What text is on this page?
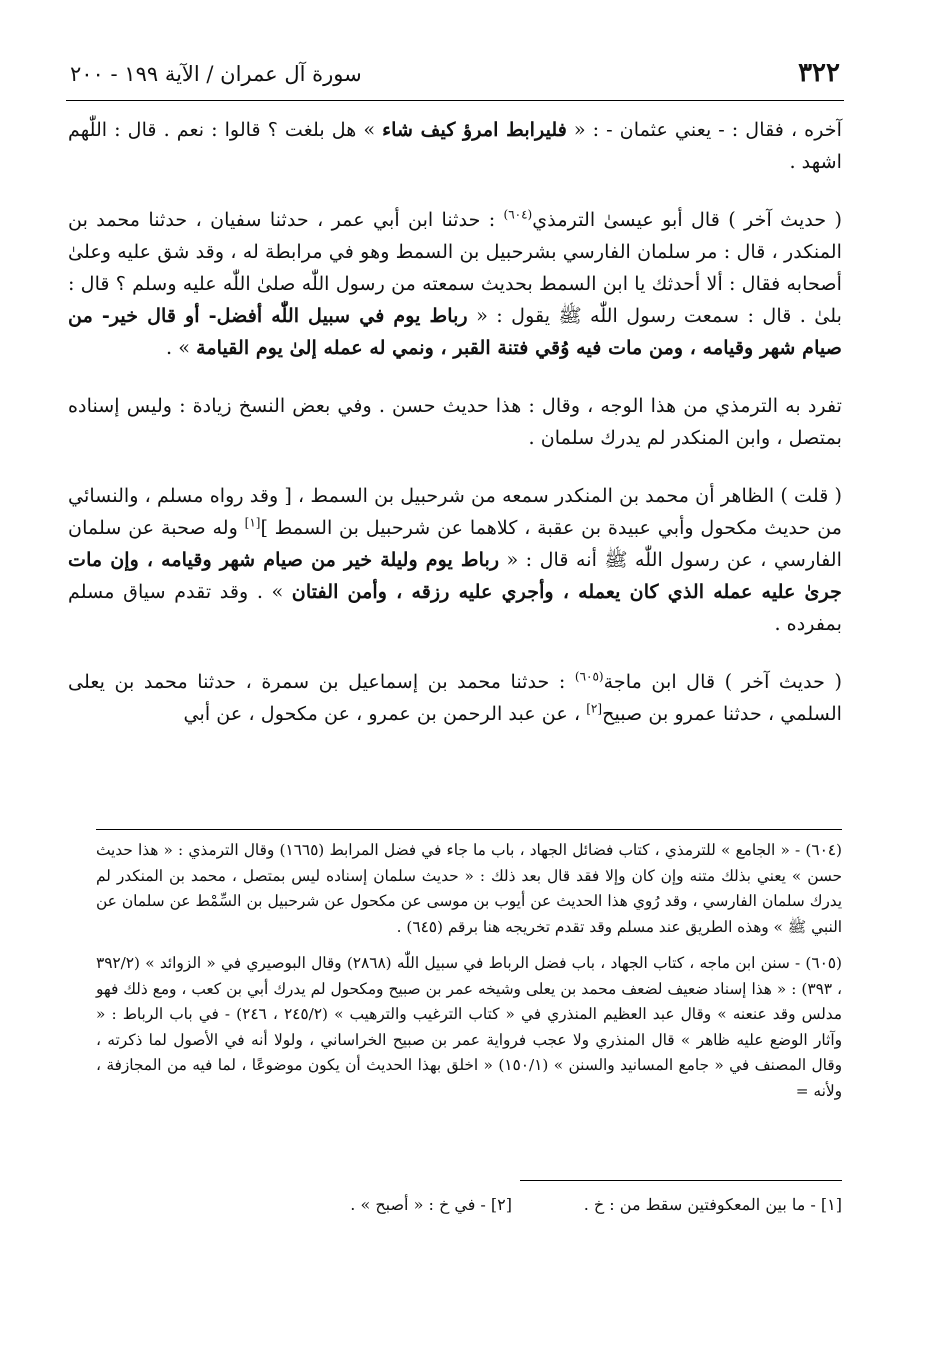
٣٢٢
سورة آل عمران / الآية ١٩٩ - ٢٠٠

آخره ، فقال : - يعني عثمان - : « فليرابط امرؤ كيف شاء » هل بلغت ؟ قالوا : نعم . قال : اللّٰهم اشهد .

( حديث آخر ) قال أبو عيسىٰ الترمذي$^{(٦٠٤)}$ : حدثنا ابن أبي عمر ، حدثنا سفيان ، حدثنا محمد بن المنكدر ، قال : مر سلمان الفارسي بشرحبيل بن السمط وهو في مرابطة له ، وقد شق عليه وعلىٰ أصحابه فقال : ألا أحدثك يا ابن السمط بحديث سمعته من رسول اللّٰه صلىٰ اللّٰه عليه وسلم ؟ قال : بلىٰ . قال : سمعت رسول اللّٰه ﷺ يقول : « رباط يوم في سبيل اللّٰه أفضل- أو قال خير- من صيام شهر وقيامه ، ومن مات فيه وُقي فتنة القبر ، ونمي له عمله إلىٰ يوم القيامة » .

تفرد به الترمذي من هذا الوجه ، وقال : هذا حديث حسن . وفي بعض النسخ زيادة : وليس إسناده بمتصل ، وابن المنكدر لم يدرك سلمان .

( قلت ) الظاهر أن محمد بن المنكدر سمعه من شرحبيل بن السمط ، [ وقد رواه مسلم ، والنسائي من حديث مكحول وأبي عبيدة بن عقبة ، كلاهما عن شرحبيل بن السمط ][١] وله صحبة عن سلمان الفارسي ، عن رسول اللّٰه ﷺ أنه قال : « رباط يوم وليلة خير من صيام شهر وقيامه ، وإن مات جرىٰ عليه عمله الذي كان يعمله ، وأجري عليه رزقه ، وأمن الفتان » . وقد تقدم سياق مسلم بمفرده .

( حديث آخر ) قال ابن ماجة$^{(٦٠٥)}$ : حدثنا محمد بن إسماعيل بن سمرة ، حدثنا محمد بن يعلى السلمي ، حدثنا عمرو بن صبيح[٢] ، عن عبد الرحمن بن عمرو ، عن مكحول ، عن أبي

(٦٠٤) - « الجامع » للترمذي ، كتاب فضائل الجهاد ، باب ما جاء في فضل المرابط (١٦٦٥) وقال الترمذي : « هذا حديث حسن » يعني بذلك متنه وإن كان وإلا فقد قال بعد ذلك : « حديث سلمان إسناده ليس بمتصل ، محمد بن المنكدر لم يدرك سلمان الفارسي ، وقد رُوي هذا الحديث عن أيوب بن موسى عن مكحول عن شرحبيل بن السِّمْط عن سلمان عن النبي ﷺ » وهذه الطريق عند مسلم وقد تقدم تخريجه هنا برقم (٦٤٥) .

(٦٠٥) - سنن ابن ماجه ، كتاب الجهاد ، باب فضل الرباط في سبيل اللّٰه (٢٨٦٨) وقال البوصيري في « الزوائد » (٣٩٢/٢ ، ٣٩٣) : « هذا إسناد ضعيف لضعف محمد بن يعلى وشيخه عمر بن صبيح ومكحول لم يدرك أبي بن كعب ، ومع ذلك فهو مدلس وقد عنعنه » وقال عبد العظيم المنذري في « كتاب الترغيب والترهيب » (٢٤٥/٢ ، ٢٤٦) - في باب الرباط : « وآثار الوضع عليه ظاهر » قال المنذري ولا عجب فرواية عمر بن صبيح الخراساني ، ولولا أنه في الأصول لما ذكرته ، وقال المصنف في « جامع المسانيد والسنن » (١٥٠/١) « اخلق بهذا الحديث أن يكون موضوعًا ، لما فيه من المجازفة ، ولأنه =

[١] - ما بين المعكوفتين سقط من : خ .
[٢] - في خ : « أصبح » .
